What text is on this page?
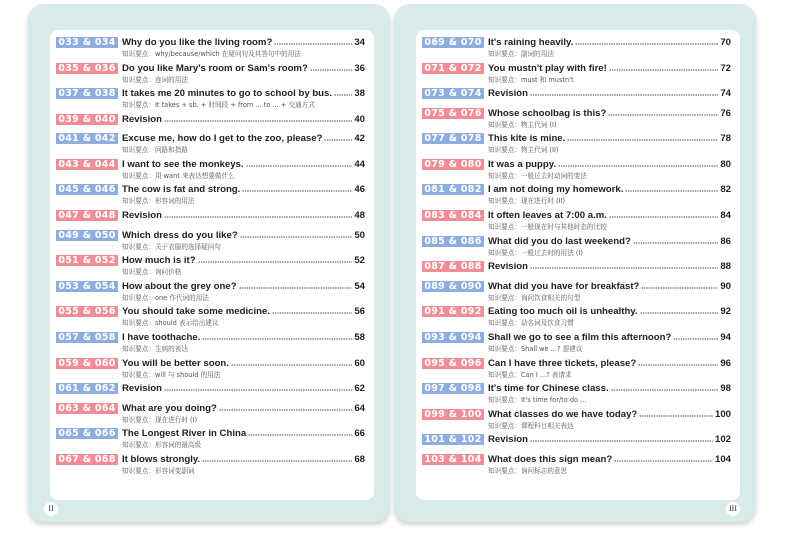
033 & 034 Why do you like the living room?	34
知识要点：why/because/which 在疑问句及其答句中的用法
035 & 036 Do you like Mary's room or Sam's room?	36
知识要点：连词的用法
037 & 038 It takes me 20 minutes to go to school by bus. 38
知识要点：It takes + sb. + 时间段 + from ... to ... + 交通方式
039 & 040 Revision	40
041 & 042 Excuse me, how do I get to the zoo, please?	42
知识要点：问路和指路
043 & 044 I want to see the monkeys.	44
知识要点：用 want 来表达想要做什么
045 & 046 The cow is fat and strong.	46
知识要点：形容词的用法
047 & 048 Revision	48
049 & 050 Which dress do you like?	50
知识要点：关于衣服的选择疑问句
051 & 052 How much is it?	52
知识要点：询问价格
053 & 054 How about the grey one?	54
知识要点：one 作代词的用法
055 & 056 You should take some medicine.	56
知识要点：should 表示给出建议
057 & 058 I have toothache.	58
知识要点：生病的表达
059 & 060 You will be better soon.	60
知识要点：will 与 should 的用法
061 & 062 Revision	62
063 & 064 What are you doing?	64
知识要点：现在进行时 (I)
065 & 066 The Longest River in China	66
知识要点：形容词的最高级
067 & 068 It blows strongly.	68
知识要点：形容词变副词
II
069 & 070 It's raining heavily.	70
知识要点：副词的用法
071 & 072 You mustn't play with fire!	72
知识要点：must 和 mustn't
073 & 074 Revision	74
075 & 076 Whose schoolbag is this?	76
知识要点：物主代词 (I)
077 & 078 This kite is mine.	78
知识要点：物主代词 (II)
079 & 080 It was a puppy.	80
知识要点：一般过去时动词的变法
081 & 082 I am not doing my homework.	82
知识要点：现在进行时 (II)
083 & 084 It often leaves at 7:00 a.m.	84
知识要点：一般现在时与其他时态的比较
085 & 086 What did you do last weekend?	86
知识要点：一般过去时的用法 (I)
087 & 088 Revision	88
089 & 090 What did you have for breakfast?	90
知识要点：询问饮食相关的句型
091 & 092 Eating too much oil is unhealthy.	92
知识要点：动名词及饮食习惯
093 & 094 Shall we go to see a film this afternoon?	94
知识要点：Shall we ...? 提建议
095 & 096 Can I have three tickets, please?	96
知识要点：Can I ...? 表请求
097 & 098 It's time for Chinese class.	98
知识要点：It's time for/to do ...
099 & 100 What classes do we have today?	100
知识要点：课程科目相关表达
101 & 102 Revision	102
103 & 104 What does this sign mean?	104
知识要点：询问标志的意思
III
